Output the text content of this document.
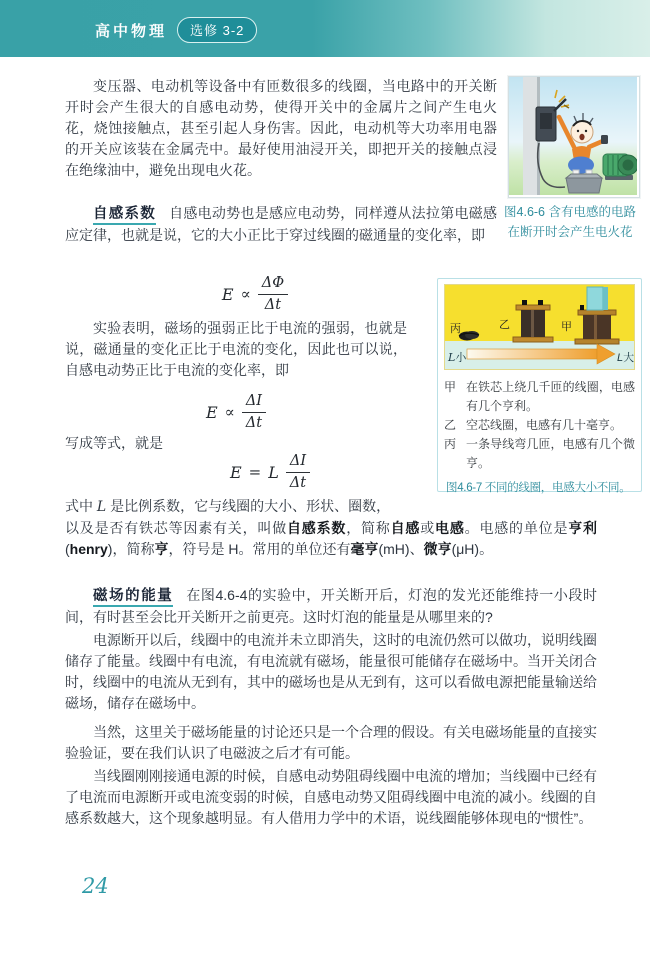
高中物理	选修 3-2
变压器、电动机等设备中有匝数很多的线圈，当电路中的开关断开时会产生很大的自感电动势，使得开关中的金属片之间产生电火花，烧蚀接触点，甚至引起人身伤害。因此，电动机等大功率用电器的开关应该装在金属壳中。最好使用油浸开关，即把开关的接触点浸在绝缘油中，避免出现电火花。
自感系数 自感电动势也是感应电动势，同样遵从法拉第电磁感应定律，也就是说，它的大小正比于穿过线圈的磁通量的变化率，即
$E \propto \frac{\Delta\Phi}{\Delta t}$
实验表明，磁场的强弱正比于电流的强弱，也就是说，磁通量的变化正比于电流的变化，因此也可以说，自感电动势正比于电流的变化率，即
$E \propto \frac{\Delta I}{\Delta t}$
写成等式，就是
E = L $\frac{\Delta I}{\Delta t}$
式中 L 是比例系数，它与线圈的大小、形状、圈数，
以及是否有铁芯等因素有关，叫做自感系数，简称自感或电感。电感的单位是亨利(henry)，简称亨，符号是 H。常用的单位还有毫亨(mH)、微亨(μH)。
磁场的能量 在图4.6-4的实验中，开关断开后，灯泡的发光还能维持一小段时间，有时甚至会比开关断开之前更亮。这时灯泡的能量是从哪里来的?
电源断开以后，线圈中的电流并未立即消失，这时的电流仍然可以做功，说明线圈储存了能量。线圈中有电流，有电流就有磁场，能量很可能储存在磁场中。当开关闭合时，线圈中的电流从无到有，其中的磁场也是从无到有，这可以看做电源把能量输送给磁场，储存在磁场中。
当然，这里关于磁场能量的讨论还只是一个合理的假设。有关电磁场能量的直接实验验证，要在我们认识了电磁波之后才有可能。
当线圈刚刚接通电源的时候，自感电动势阻碍线圈中电流的增加；当线圈中已经有了电流而电源断开或电流变弱的时候，自感电动势又阻碍线圈中电流的减小。线圈的自感系数越大，这个现象越明显。有人借用力学中的术语，说线圈能够体现电的“惯性”。
图4.6-6 含有电感的电路
在断开时会产生电火花
丙	乙	甲
L小	L大
甲 在铁芯上绕几千匝的线圈，电感有几个亨利。
乙 空芯线圈，电感有几十毫亨。
丙 一条导线弯几匝，电感有几个微亨。
图4.6-7 不同的线圈，电感大小不同。
24
